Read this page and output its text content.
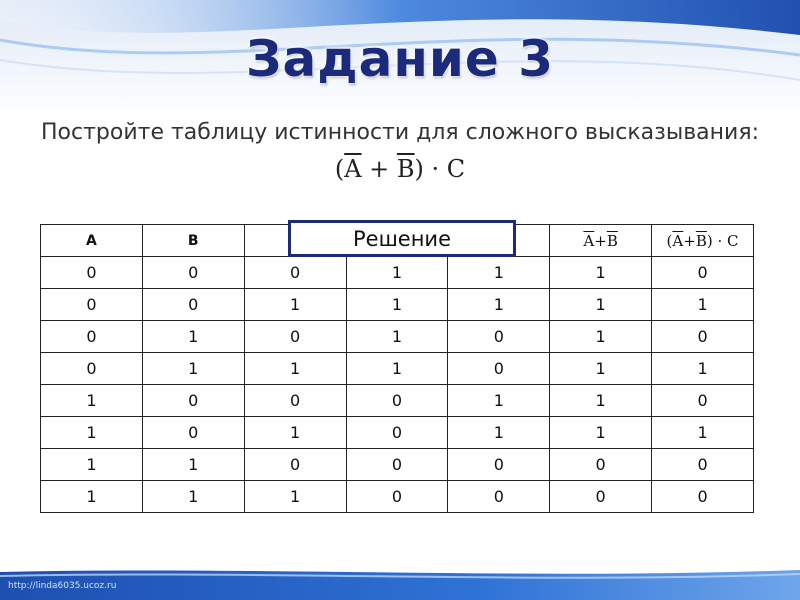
Задание 3
Постройте таблицу истинности для сложного высказывания:
$(\overline{A} + \overline{B}) \cdot C$
A	B				$\overline{A}+\overline{B}$	$(\overline{A}+\overline{B}) \cdot C$
0	0	0	1	1	1	0
0	0	1	1	1	1	1
0	1	0	1	0	1	0
0	1	1	1	0	1	1
1	0	0	0	1	1	0
1	0	1	0	1	1	1
1	1	0	0	0	0	0
1	1	1	0	0	0	0
Решение
http://linda6035.ucoz.ru
